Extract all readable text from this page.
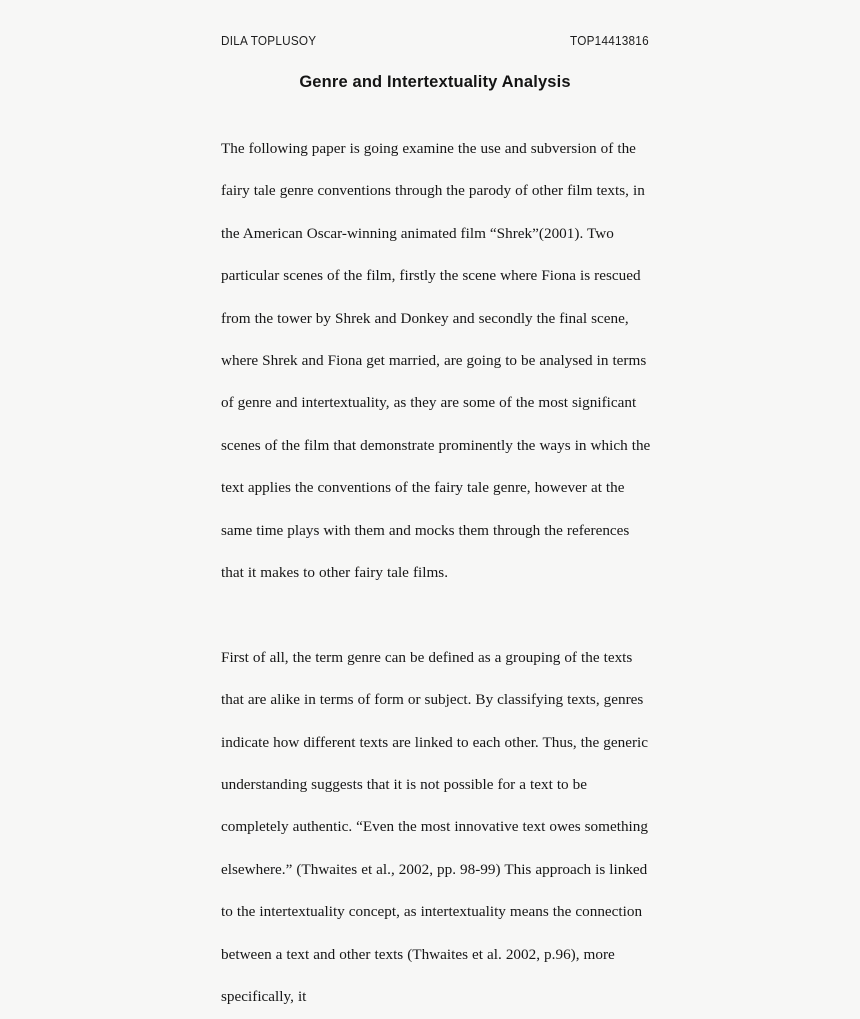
DILA TOPLUSOY	TOP14413816
Genre and Intertextuality Analysis

The following paper is going examine the use and subversion of the fairy tale genre conventions through the parody of other film texts, in the American Oscar-winning animated film “Shrek”(2001). Two particular scenes of the film, firstly the scene where Fiona is rescued from the tower by Shrek and Donkey and secondly the final scene, where Shrek and Fiona get married, are going to be analysed in terms of genre and intertextuality, as they are some of the most significant scenes of the film that demonstrate prominently the ways in which the text applies the conventions of the fairy tale genre, however at the same time plays with them and mocks them through the references that it makes to other fairy tale films.

First of all, the term genre can be defined as a grouping of the texts that are alike in terms of form or subject. By classifying texts, genres indicate how different texts are linked to each other. Thus, the generic understanding suggests that it is not possible for a text to be completely authentic. “Even the most innovative text owes something elsewhere.” (Thwaites et al., 2002, pp. 98-99) This approach is linked to the intertextuality concept, as intertextuality means the connection between a text and other texts (Thwaites et al. 2002, p.96), more specifically, it
